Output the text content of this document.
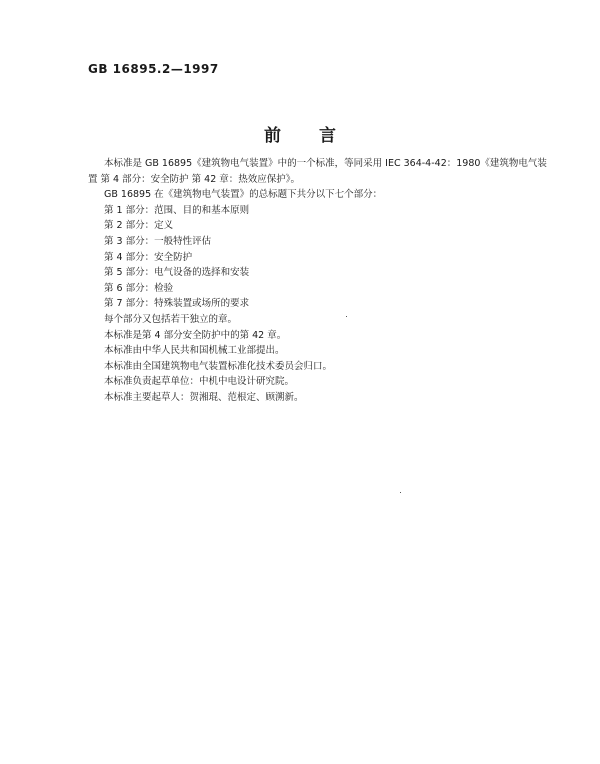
GB 16895.2—1997
前言

本标准是 GB 16895《建筑物电气装置》中的一个标准，等同采用 IEC 364-4-42：1980《建筑物电气装

置 第 4 部分：安全防护 第 42 章：热效应保护》。

GB 16895 在《建筑物电气装置》的总标题下共分以下七个部分：

第 1 部分：范围、目的和基本原则

第 2 部分：定义

第 3 部分：一般特性评估

第 4 部分：安全防护

第 5 部分：电气设备的选择和安装

第 6 部分：检验

第 7 部分：特殊装置或场所的要求

每个部分又包括若干独立的章。

本标准是第 4 部分安全防护中的第 42 章。

本标准由中华人民共和国机械工业部提出。

本标准由全国建筑物电气装置标准化技术委员会归口。

本标准负责起草单位：中机中电设计研究院。

本标准主要起草人：贺湘琨、范根定、顾溯新。
